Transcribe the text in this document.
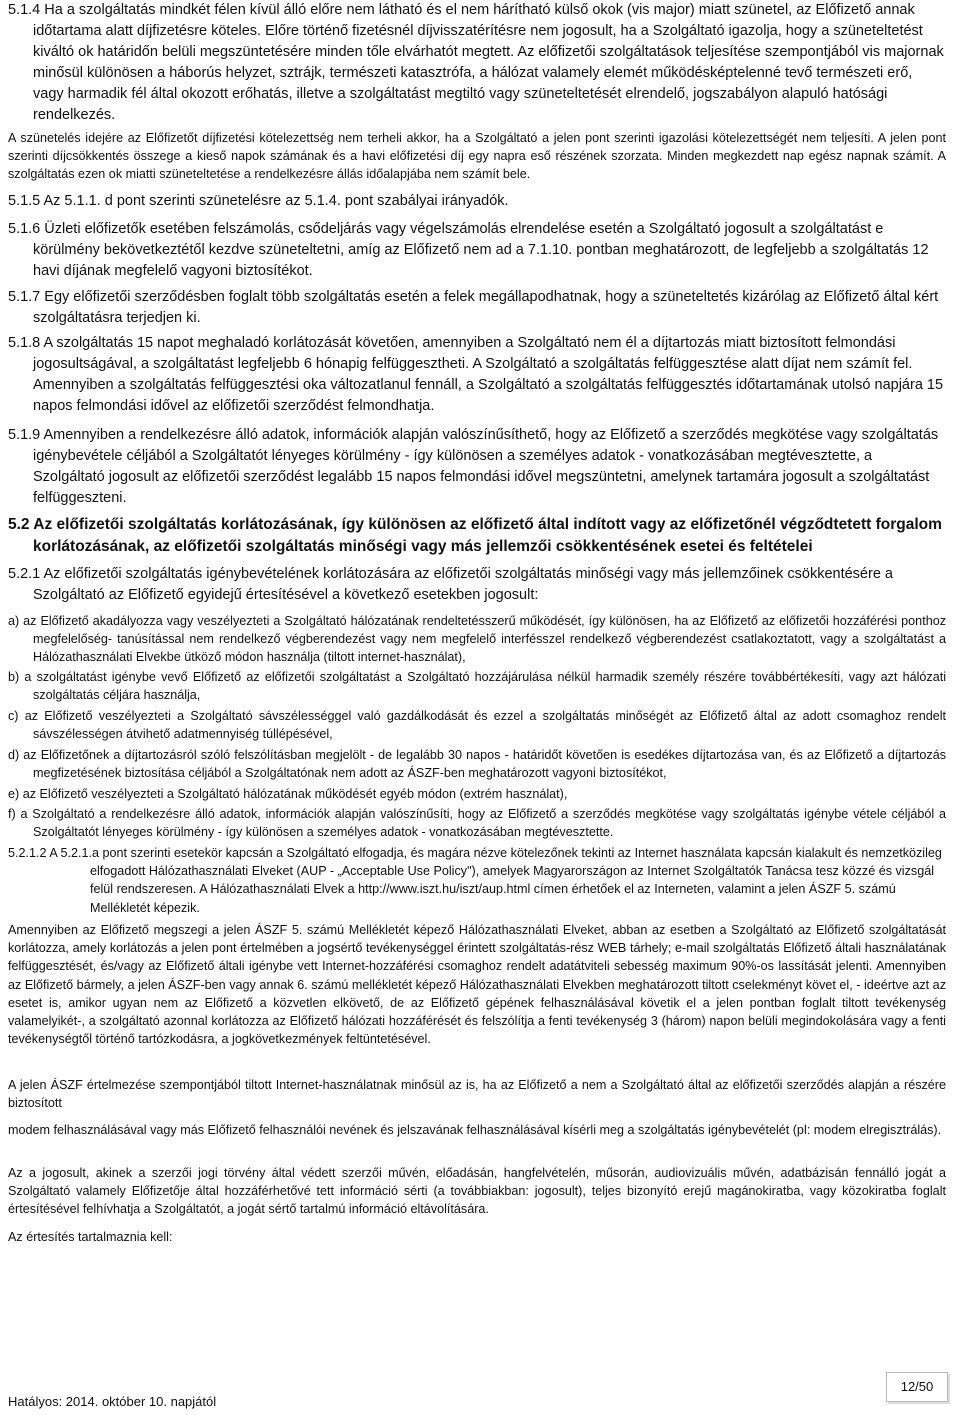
5.1.4 Ha a szolgáltatás mindkét félen kívül álló előre nem látható és el nem hárítható külső okok (vis major) miatt szünetel, az Előfizető annak időtartama alatt díjfizetésre köteles. Előre történő fizetésnél díjvisszatérítésre nem jogosult, ha a Szolgáltató igazolja, hogy a szüneteltetést kiváltó ok határidőn belüli megszüntetésére minden tőle elvárhatót megtett. Az előfizetői szolgáltatások teljesítése szempontjából vis majornak minősül különösen a háborús helyzet, sztrájk, természeti katasztrófa, a hálózat valamely elemét működésképtelenné tevő természeti erő, vagy harmadik fél által okozott erőhatás, illetve a szolgáltatást megtiltó vagy szüneteltetését elrendelő, jogszabályon alapuló hatósági rendelkezés.

A szünetelés idejére az Előfizetőt díjfizetési kötelezettség nem terheli akkor, ha a Szolgáltató a jelen pont szerinti igazolási kötelezettségét nem teljesíti. A jelen pont szerinti díjcsökkentés összege a kieső napok számának és a havi előfizetési díj egy napra eső részének szorzata. Minden megkezdett nap egész napnak számít. A szolgáltatás ezen ok miatti szüneteltetése a rendelkezésre állás időalapjába nem számít bele.

5.1.5 Az 5.1.1. d pont szerinti szünetelésre az 5.1.4. pont szabályai irányadók.

5.1.6 Üzleti előfizetők esetében felszámolás, csődeljárás vagy végelszámolás elrendelése esetén a Szolgáltató jogosult a szolgáltatást e körülmény bekövetkeztétől kezdve szüneteltetni, amíg az Előfizető nem ad a 7.1.10. pontban meghatározott, de legfeljebb a szolgáltatás 12 havi díjának megfelelő vagyoni biztosítékot.

5.1.7 Egy előfizetői szerződésben foglalt több szolgáltatás esetén a felek megállapodhatnak, hogy a szüneteltetés kizárólag az Előfizető által kért szolgáltatásra terjedjen ki.

5.1.8 A szolgáltatás 15 napot meghaladó korlátozását követően, amennyiben a Szolgáltató nem él a díjtartozás miatt biztosított felmondási jogosultságával, a szolgáltatást legfeljebb 6 hónapig felfüggesztheti. A Szolgáltató a szolgáltatás felfüggesztése alatt díjat nem számít fel. Amennyiben a szolgáltatás felfüggesztési oka változatlanul fennáll, a Szolgáltató a szolgáltatás felfüggesztés időtartamának utolsó napjára 15 napos felmondási idővel az előfizetői szerződést felmondhatja.

5.1.9 Amennyiben a rendelkezésre álló adatok, információk alapján valószínűsíthető, hogy az Előfizető a szerződés megkötése vagy szolgáltatás igénybevétele céljából a Szolgáltatót lényeges körülmény - így különösen a személyes adatok - vonatkozásában megtévesztette, a Szolgáltató jogosult az előfizetői szerződést legalább 15 napos felmondási idővel megszüntetni, amelynek tartamára jogosult a szolgáltatást felfüggeszteni.

5.2 Az előfizetői szolgáltatás korlátozásának, így különösen az előfizető által indított vagy az előfizetőnél végződtetett forgalom korlátozásának, az előfizetői szolgáltatás minőségi vagy más jellemzői csökkentésének esetei és feltételei

5.2.1 Az előfizetői szolgáltatás igénybevételének korlátozására az előfizetői szolgáltatás minőségi vagy más jellemzőinek csökkentésére a Szolgáltató az Előfizető egyidejű értesítésével a következő esetekben jogosult:

a) az Előfizető akadályozza vagy veszélyezteti a Szolgáltató hálózatának rendeltetésszerű működését, így különösen, ha az Előfizető az előfizetői hozzáférési ponthoz megfelelőség- tanúsítással nem rendelkező végberendezést vagy nem megfelelő interfésszel rendelkező végberendezést csatlakoztatott, vagy a szolgáltatást a Hálózathasználati Elvekbe ütköző módon használja (tiltott internet-használat),

b) a szolgáltatást igénybe vevő Előfizető az előfizetői szolgáltatást a Szolgáltató hozzájárulása nélkül harmadik személy részére továbbértékesíti, vagy azt hálózati szolgáltatás céljára használja,

c) az Előfizető veszélyezteti a Szolgáltató sávszélességgel való gazdálkodását és ezzel a szolgáltatás minőségét az Előfizető által az adott csomaghoz rendelt sávszélességen átvihető adatmennyiség túllépésével,

d) az Előfizetőnek a díjtartozásról szóló felszólításban megjelölt - de legalább 30 napos - határidőt követően is esedékes díjtartozása van, és az Előfizető a díjtartozás megfizetésének biztosítása céljából a Szolgáltatónak nem adott az ÁSZF-ben meghatározott vagyoni biztosítékot,

e) az Előfizető veszélyezteti a Szolgáltató hálózatának működését egyéb módon (extrém használat),

f) a Szolgáltató a rendelkezésre álló adatok, információk alapján valószínűsíti, hogy az Előfizető a szerződés megkötése vagy szolgáltatás igénybe vétele céljából a Szolgáltatót lényeges körülmény - így különösen a személyes adatok - vonatkozásában megtévesztette.

5.2.1.2 A 5.2.1.a pont szerinti esetekör kapcsán a Szolgáltató elfogadja, és magára nézve kötelezőnek tekinti az Internet használata kapcsán kialakult és nemzetközileg elfogadott Hálózathasználati Elveket (AUP - „Acceptable Use Policy"), amelyek Magyarországon az Internet Szolgáltatók Tanácsa tesz közzé és vizsgál felül rendszeresen. A Hálózathasználati Elvek a http://www.iszt.hu/iszt/aup.html címen érhetőek el az Interneten, valamint a jelen ÁSZF 5. számú Mellékletét képezik.

Amennyiben az Előfizető megszegi a jelen ÁSZF 5. számú Mellékletét képező Hálózathasználati Elveket, abban az esetben a Szolgáltató az Előfizető szolgáltatását korlátozza, amely korlátozás a jelen pont értelmében a jogsértő tevékenységgel érintett szolgáltatás-rész WEB tárhely; e-mail szolgáltatás Előfizető általi használatának felfüggesztését, és/vagy az Előfizető általi igénybe vett Internet-hozzáférési csomaghoz rendelt adatátviteli sebesség maximum 90%-os lassítását jelenti. Amennyiben az Előfizető bármely, a jelen ÁSZF-ben vagy annak 6. számú mellékletét képező Hálózathasználati Elvekben meghatározott tiltott cselekményt követ el, - ideértve azt az esetet is, amikor ugyan nem az Előfizető a közvetlen elkövető, de az Előfizető gépének felhasználásával követik el a jelen pontban foglalt tiltott tevékenység valamelyikét-, a szolgáltató azonnal korlátozza az Előfizető hálózati hozzáférését és felszólítja a fenti tevékenység 3 (három) napon belüli megindokolására vagy a fenti tevékenységtől történő tartózkodásra, a jogkövetkezmények feltüntetésével.

A jelen ÁSZF értelmezése szempontjából tiltott Internet-használatnak minősül az is, ha az Előfizető a nem a Szolgáltató által az előfizetői szerződés alapján a részére biztosított

modem felhasználásával vagy más Előfizető felhasználói nevének és jelszavának felhasználásával kísérli meg a szolgáltatás igénybevételét (pl: modem elregisztrálás).

Az a jogosult, akinek a szerzői jogi törvény által védett szerzői művén, előadásán, hangfelvételén, műsorán, audiovizuális művén, adatbázisán fennálló jogát a Szolgáltató valamely Előfizetője által hozzáférhetővé tett információ sérti (a továbbiakban: jogosult), teljes bizonyító erejű magánokiratba, vagy közokiratba foglalt értesítésével felhívhatja a Szolgáltatót, a jogát sértő tartalmú információ eltávolítására.

Az értesítés tartalmaznia kell:

Hatályos: 2014. október 10. napjától
12/50
